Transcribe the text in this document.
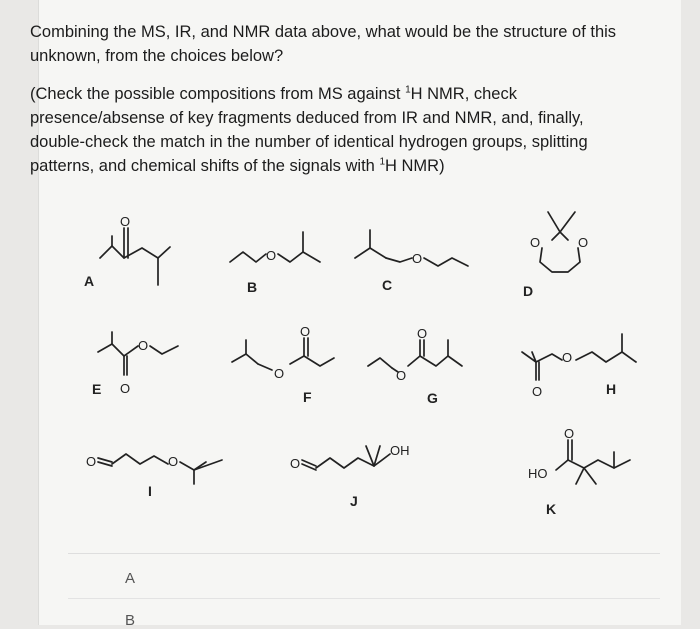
Combining the MS, IR, and NMR data above, what would be the structure of this unknown, from the choices below?
(Check the possible compositions from MS against $^1$H NMR, check presence/absense of key fragments deduced from IR and NMR, and, finally, double-check the match in the number of identical hydrogen groups, splitting patterns, and chemical shifts of the signals with $^1$H NMR)
O
A
O
B
O
C
O	O
D
O
O
E
O
O
F
O
O
G
O
O	H
O	O
I
O
OH
J
O
HO
K
A
B
